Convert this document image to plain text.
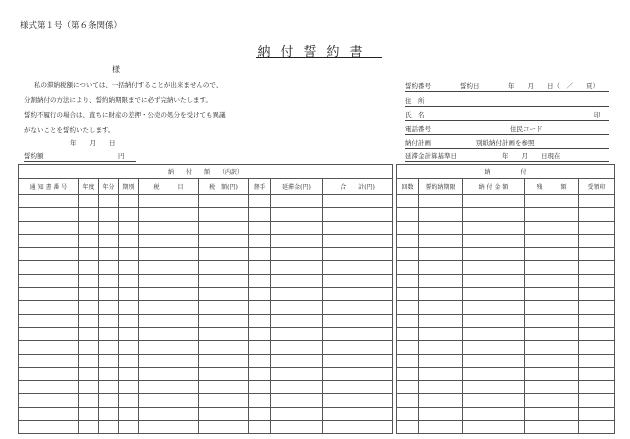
様式第１号（第６条関係）
納付誓約書
様
私の滞納税額については、一括納付することが出来ませんので、
分割納付の方法により、誓約納期限までに必ず完納いたします。
誓約不履行の場合は、直ちに財産の差押・公売の処分を受けても異議
がないことを誓約いたします。
年　　月　　日
誓約額	円
誓約番号	誓約日	年　　月　　日（　／　　頁）
住　所
氏　名	印
電話番号	住民コード
納付計画	別紙納付計画を参照
延滞金計算基準日	年　　月　　日現在
納　　付　　額　　（内訳）								
通 知 書 番 号	年度	年分	期別	税　　　目	税　額(円)	督手	延滞金(円)	合　　計(円)

納　　　　　付				
回数	誓約納期限	納 付 金 額	残　　　額	受領印
